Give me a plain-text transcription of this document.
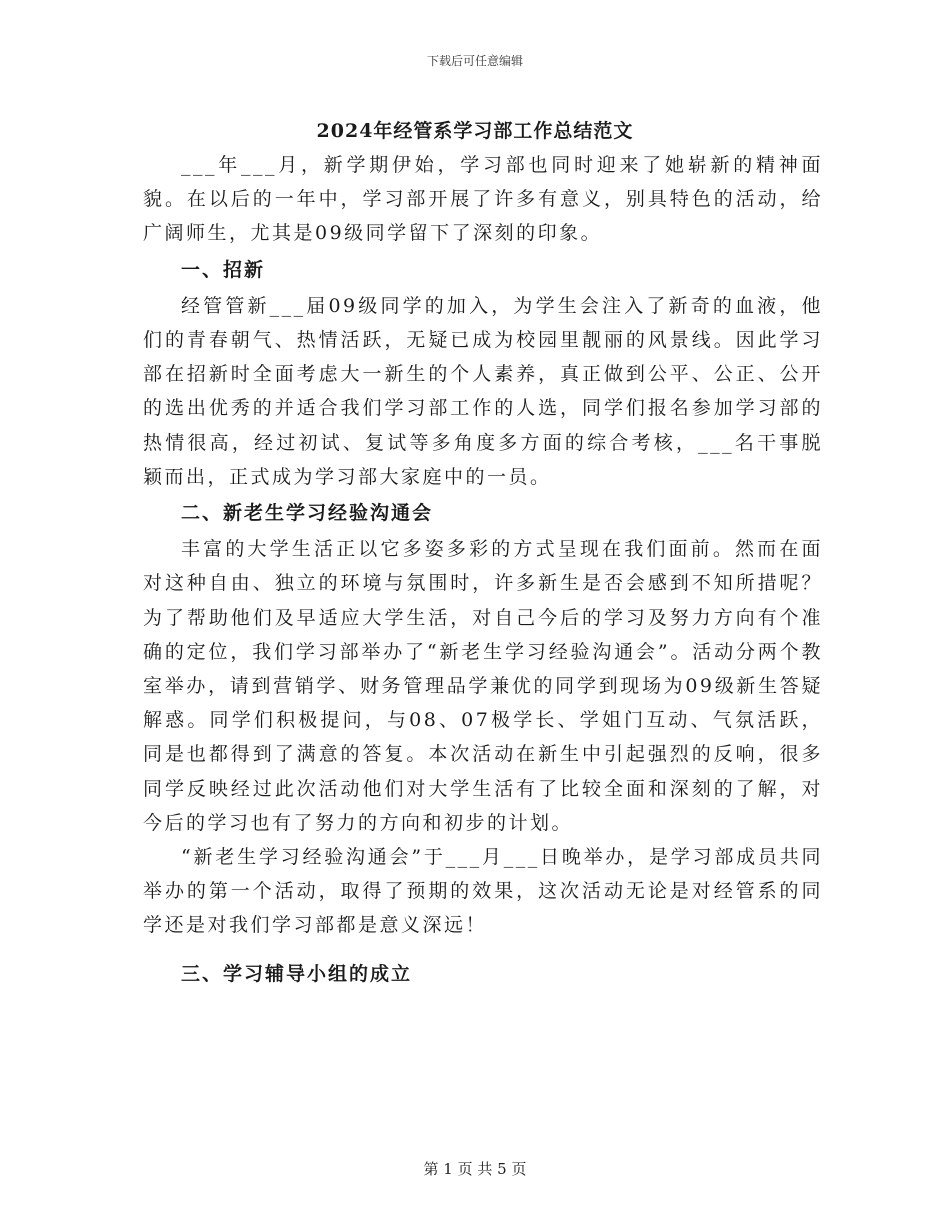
下载后可任意编辑
2024年经管系学习部工作总结范文

___年___月，新学期伊始，学习部也同时迎来了她崭新的精神面貌。在以后的一年中，学习部开展了许多有意义，别具特色的活动，给广阔师生，尤其是09级同学留下了深刻的印象。

一、招新

经管管新___届09级同学的加入，为学生会注入了新奇的血液，他们的青春朝气、热情活跃，无疑已成为校园里靓丽的风景线。因此学习部在招新时全面考虑大一新生的个人素养，真正做到公平、公正、公开的选出优秀的并适合我们学习部工作的人选，同学们报名参加学习部的热情很高，经过初试、复试等多角度多方面的综合考核，___名干事脱颖而出，正式成为学习部大家庭中的一员。

二、新老生学习经验沟通会

丰富的大学生活正以它多姿多彩的方式呈现在我们面前。然而在面对这种自由、独立的环境与氛围时，许多新生是否会感到不知所措呢？为了帮助他们及早适应大学生活，对自己今后的学习及努力方向有个准确的定位，我们学习部举办了“新老生学习经验沟通会”。活动分两个教室举办，请到营销学、财务管理品学兼优的同学到现场为09级新生答疑解惑。同学们积极提问，与08、07极学长、学姐门互动、气氛活跃，同是也都得到了满意的答复。本次活动在新生中引起强烈的反响，很多同学反映经过此次活动他们对大学生活有了比较全面和深刻的了解，对今后的学习也有了努力的方向和初步的计划。

“新老生学习经验沟通会”于___月___日晚举办，是学习部成员共同举办的第一个活动，取得了预期的效果，这次活动无论是对经管系的同学还是对我们学习部都是意义深远！

三、学习辅导小组的成立
第 1 页 共 5 页
